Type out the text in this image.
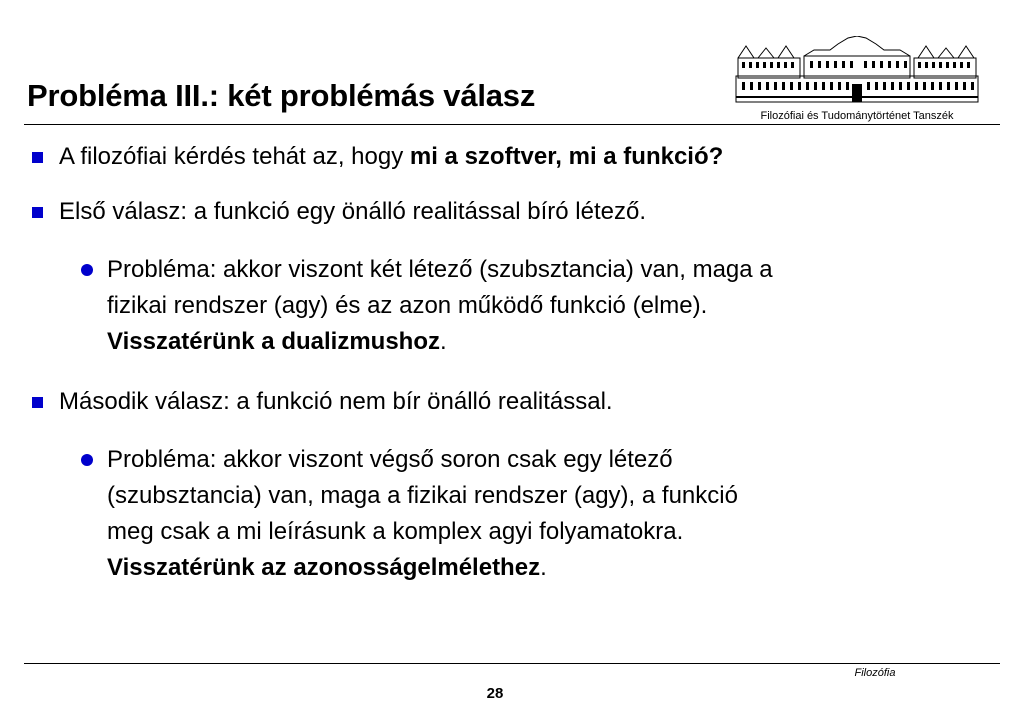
Probléma III.: két problémás válasz
Filozófiai és Tudománytörténet Tanszék
A filozófiai kérdés tehát az, hogy mi a szoftver, mi a funkció?
Első válasz: a funkció egy önálló realitással bíró létező.
Probléma: akkor viszont két létező (szubsztancia) van, maga a
fizikai rendszer (agy) és az azon működő funkció (elme).
Visszatérünk a dualizmushoz.
Második válasz: a funkció nem bír önálló realitással.
Probléma: akkor viszont végső soron csak egy létező
(szubsztancia) van, maga a fizikai rendszer (agy), a funkció
meg csak a mi leírásunk a komplex agyi folyamatokra.
Visszatérünk az azonosságelmélethez.
Filozófia
28
